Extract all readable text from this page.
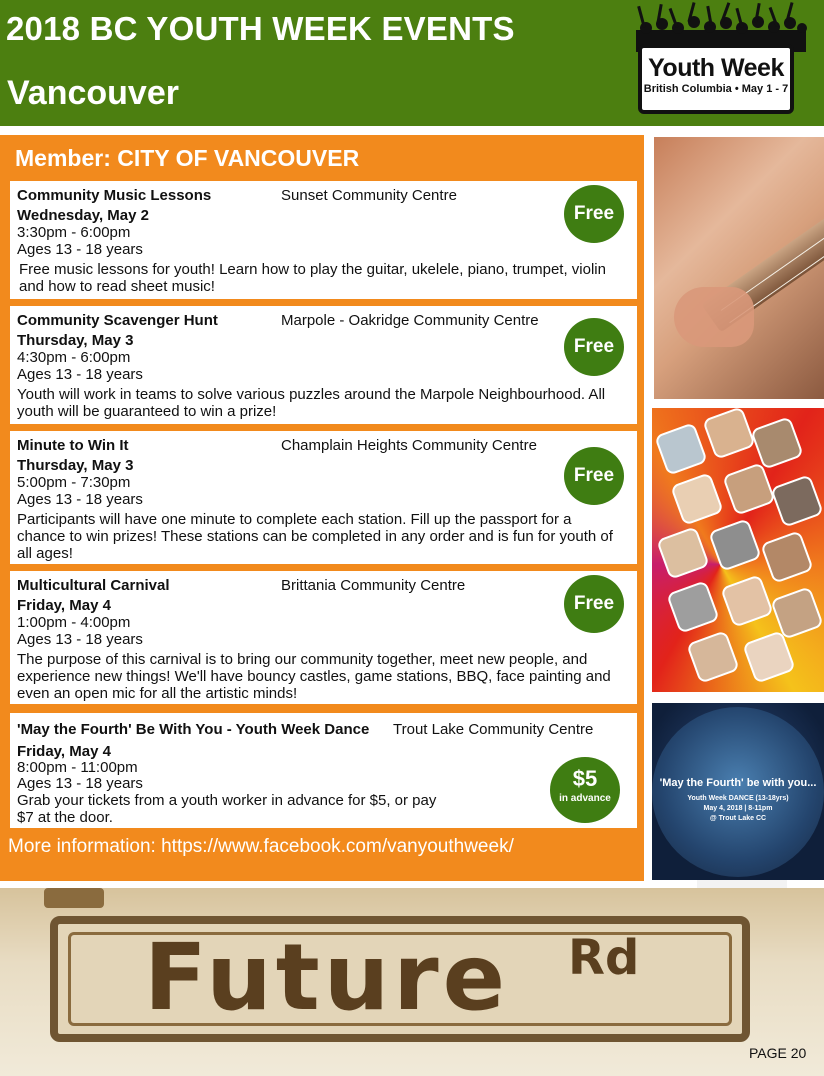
2018 BC YOUTH WEEK EVENTS
Vancouver
Youth Week
British Columbia • May 1 - 7
Member: CITY OF VANCOUVER
Community Music Lessons	Sunset Community Centre
Wednesday, May 2
3:30pm - 6:00pm
Ages 13 - 18 years
Free music lessons for youth! Learn how to play the guitar, ukelele, piano, trumpet, violin and how to read sheet music!
Free
Community Scavenger Hunt	Marpole - Oakridge Community Centre
Thursday, May 3
4:30pm - 6:00pm
Ages 13 - 18 years
Youth will work in teams to solve various puzzles around the Marpole Neighbourhood. All youth will be guaranteed to win a prize!
Free
Minute to Win It	Champlain Heights Community Centre
Thursday, May 3
5:00pm - 7:30pm
Ages 13 - 18 years
Participants will have one minute to complete each station. Fill up the passport for a chance to win prizes! These stations can be completed in any order and is fun for youth of all ages!
Free
Multicultural Carnival	Brittania Community Centre
Friday, May 4
1:00pm - 4:00pm
Ages 13 - 18 years
The purpose of this carnival is to bring our community together, meet new people, and experience new things! We'll have bouncy castles, game stations, BBQ, face painting and even an open mic for all the artistic minds!
Free
'May the Fourth' Be With You - Youth Week Dance Trout Lake Community Centre
Friday, May 4
8:00pm - 11:00pm
Ages 13 - 18 years
Grab your tickets from a youth worker in advance for $5, or pay $7 at the door.
$5
in advance

More information: https://www.facebook.com/vanyouthweek/

'May the Fourth' be with you...
Youth Week DANCE (13-18yrs)
May 4, 2018 | 8-11pm
@ Trout Lake CC
Future Rd

PAGE 20
